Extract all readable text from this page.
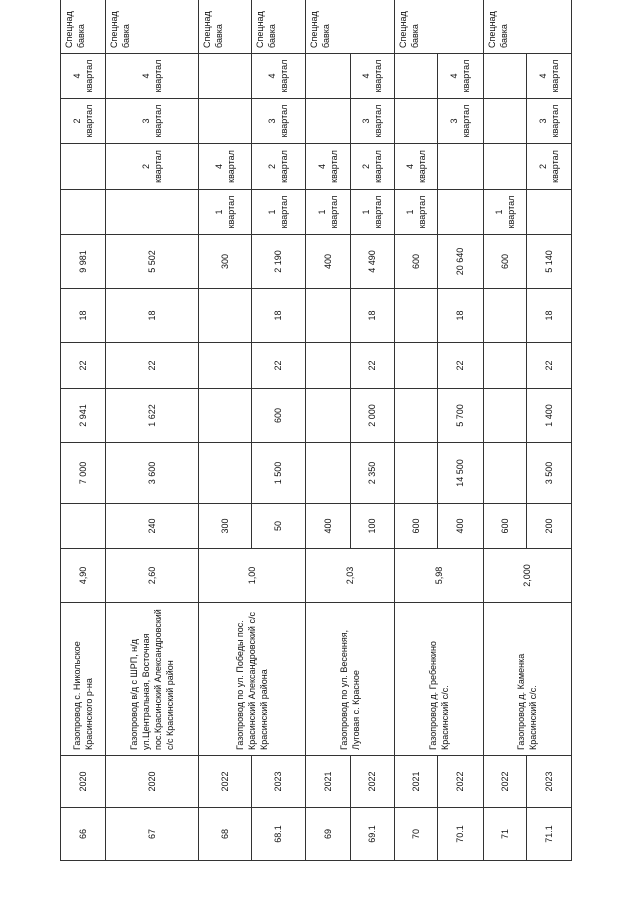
66	2020	Газопровод с. Никольское Красинского р-на	4,90		7 000	2 941	22	18	9 981			2 квартал	4 квартал	Спецнад бавка
67	2020	Газопровод в/д с ШРП, н/д ул.Центральная, Восточная пос.Красинский Александровский с/с Красинский район	2,60	240	3 600	1 622	22	18	5 502		2 квартал	3 квартал	4 квартал	Спецнад бавка
68	2022	Газопровод по ул. Победы пос. Красинский Александровский с/с Красинский района	1,00	300					300	1 квартал	4 квартал			Спецнад бавка
68.1	2023			50	1 500	600	22	18	2 190	1 квартал	2 квартал	3 квартал	4 квартал	Спецнад бавка
69	2021	Газопровод по ул. Весенняя, Луговая с. Красное	2,03	400					400	1 квартал	4 квартал			Спецнад бавка
69.1	2022			100	2 350	2 000	22	18	4 490	1 квартал	2 квартал	3 квартал	4 квартал	

70	2021	Газопровод д. Гребенкино Красинский с/с.	5,98	600					600	1 квартал	4 квартал			Спецнад бавка
70.1	2022			400	14 500	5 700	22	18	20 640			3 квартал	4 квартал	

71	2022	Газопровод д. Каменка Красинский с/с.	2,000	600					600	1 квартал				Спецнад бавка
71.1	2023			200	3 500	1 400	22	18	5 140		2 квартал	3 квартал	4 квартал	
